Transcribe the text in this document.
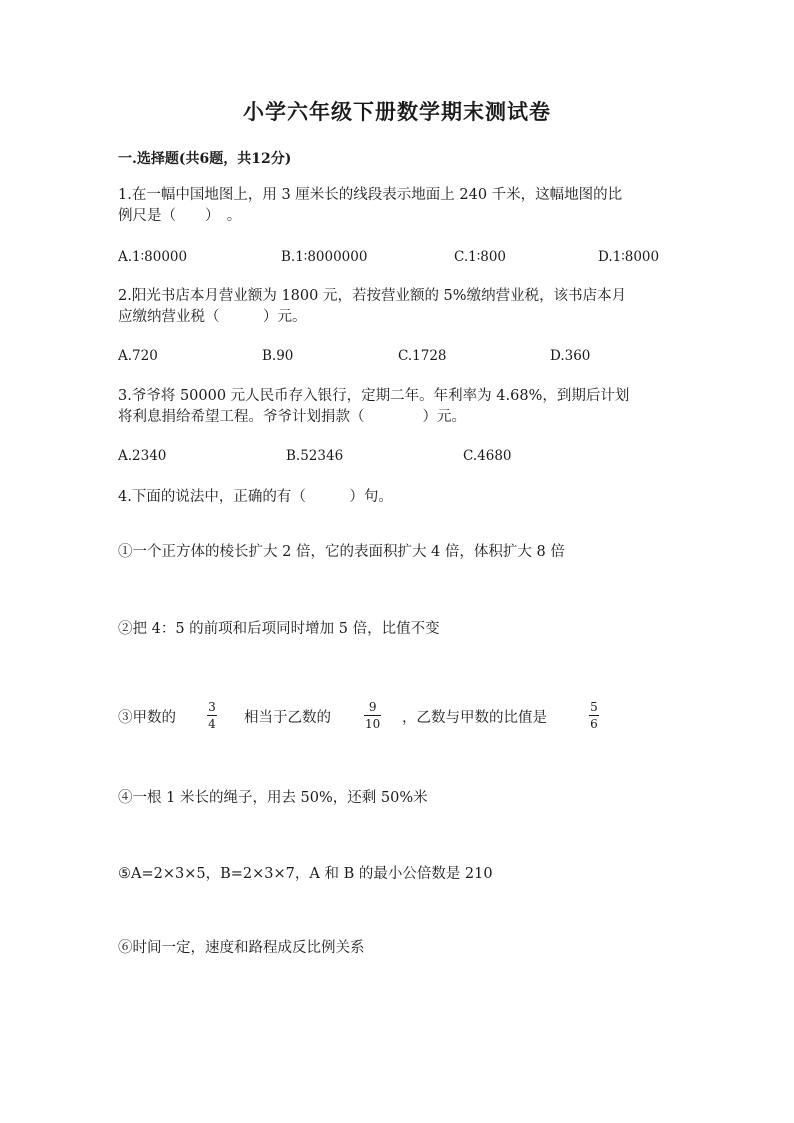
小学六年级下册数学期末测试卷
一.选择题(共6题，共12分)
1.在一幅中国地图上，用 3 厘米长的线段表示地面上 240 千米，这幅地图的比
例尺是（　　）　。
A.1∶80000	B.1∶8000000	C.1∶800	D.1∶8000
2.阳光书店本月营业额为 1800 元，若按营业额的 5%缴纳营业税，该书店本月
应缴纳营业税（　　　）元。
A.720	B.90	C.1728	D.360
3.爷爷将 50000 元人民币存入银行，定期二年。年利率为 4.68%，到期后计划
将利息捐给希望工程。爷爷计划捐款（　　　　）元。
A.2340	B.52346	C.4680
4.下面的说法中，正确的有（　　　）句。
①一个正方体的棱长扩大 2 倍，它的表面积扩大 4 倍，体积扩大 8 倍
②把 4：5 的前项和后项同时增加 5 倍，比值不变
③甲数的
3
4 相当于乙数的
9
10 ，乙数与甲数的比值是
5
6
④一根 1 米长的绳子，用去 50%，还剩 50%米
⑤A=2×3×5，B=2×3×7，A 和 B 的最小公倍数是 210
⑥时间一定，速度和路程成反比例关系
